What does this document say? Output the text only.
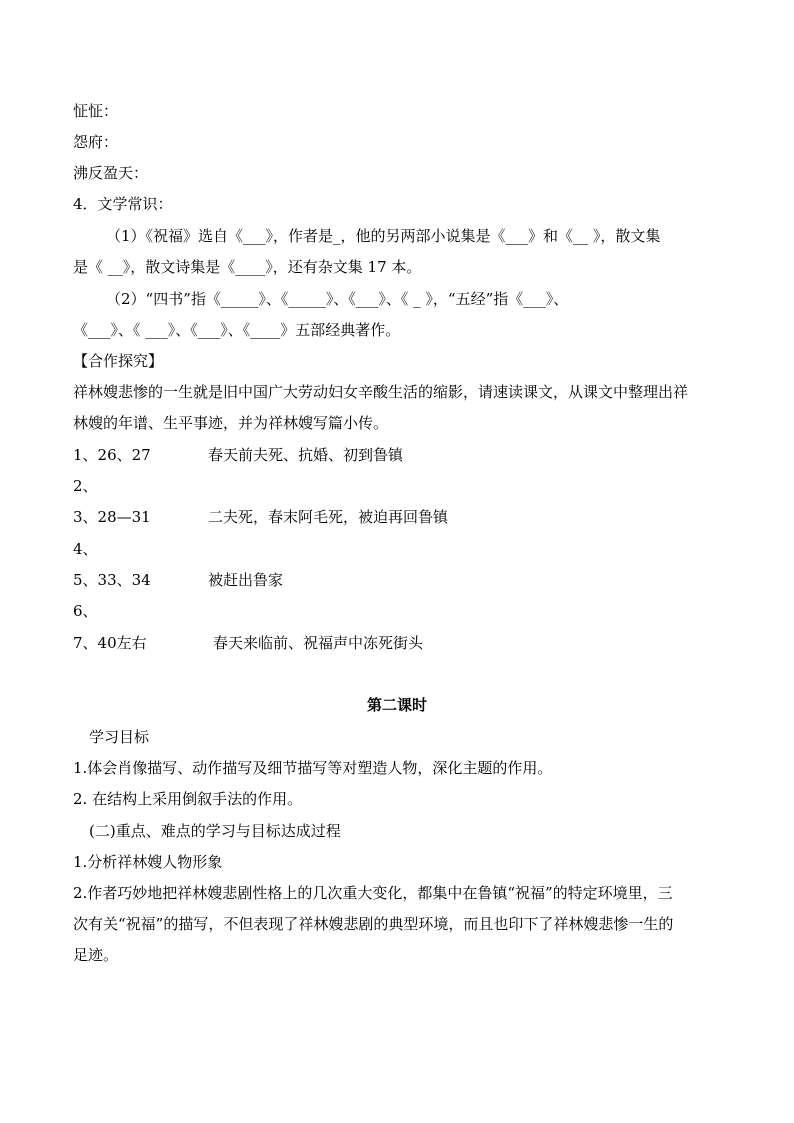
怔怔：
怨府：
沸反盈天：
4．文学常识：
（1）《祝福》选自《___》，作者是_，他的另两部小说集是《___》和《__ 》，散文集
是《 __》，散文诗集是《____》，还有杂文集 17 本。
（2）“四书”指《_____》、《_____》、《___》、《 _ 》，“五经”指《___》、
《___》、《 ___》、《___》、《____》五部经典著作。
【合作探究】
祥林嫂悲惨的一生就是旧中国广大劳动妇女辛酸生活的缩影，请速读课文，从课文中整理出祥
林嫂的年谱、生平事迹，并为祥林嫂写篇小传。
1、26、27	春天前夫死、抗婚、初到鲁镇
2、
3、28—31	二夫死，春末阿毛死，被迫再回鲁镇
4、
5、33、34	被赶出鲁家
6、
7、40左右	春天来临前、祝福声中冻死街头
第二课时
学习目标
1.体会肖像描写、动作描写及细节描写等对塑造人物，深化主题的作用。
2. 在结构上采用倒叙手法的作用。
(二)重点、难点的学习与目标达成过程
1.分析祥林嫂人物形象
2.作者巧妙地把祥林嫂悲剧性格上的几次重大变化，都集中在鲁镇“祝福”的特定环境里，三
次有关“祝福”的描写，不但表现了祥林嫂悲剧的典型环境，而且也印下了祥林嫂悲惨一生的
足迹。
